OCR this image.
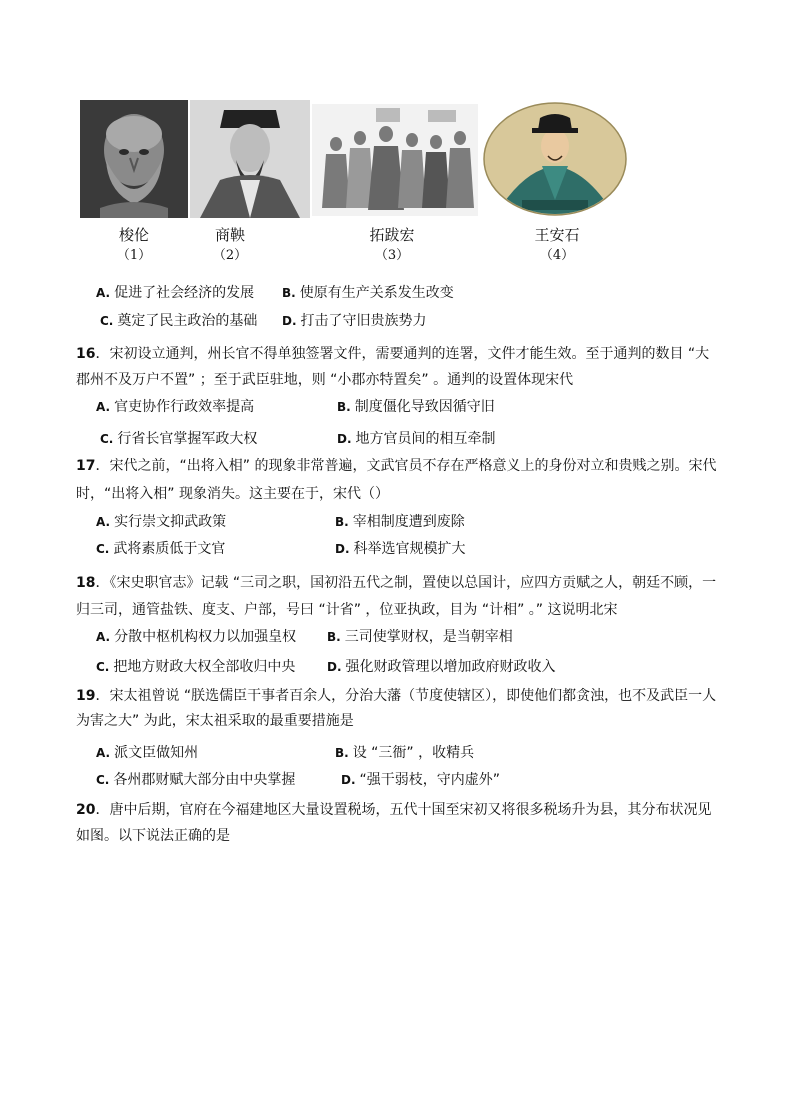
梭伦
（1）
商鞅
（2）
拓跋宏
（3）
王安石
（4）
A. 促进了社会经济的发展 B. 使原有生产关系发生改变
C. 奠定了民主政治的基础 D. 打击了守旧贵族势力
16．宋初设立通判，州长官不得单独签署文件，需要通判的连署，文件才能生效。至于通判的数目 “大
郡州不及万户不置” ；至于武臣驻地，则 “小郡亦特置矣” 。通判的设置体现宋代
A. 官吏协作行政效率提高	B. 制度僵化导致因循守旧
C. 行省长官掌握军政大权	D. 地方官员间的相互牵制
17．宋代之前，“出将入相” 的现象非常普遍，文武官员不存在严格意义上的身份对立和贵贱之别。宋代
时，“出将入相” 现象消失。这主要在于，宋代（）
A. 实行崇文抑武政策	B. 宰相制度遭到废除
C. 武将素质低于文官	D. 科举选官规模扩大
18．《宋史职官志》记载 “三司之职，国初沿五代之制，置使以总国计，应四方贡赋之人，朝廷不顾，一
归三司，通管盐铁、度支、户部，号曰 “计省” ，位亚执政，目为 “计相” 。” 这说明北宋
A. 分散中枢机构权力以加强皇权	B. 三司使掌财权，是当朝宰相
C. 把地方财政大权全部收归中央	D. 强化财政管理以增加政府财政收入
19．宋太祖曾说 “朕选儒臣干事者百余人，分治大藩（节度使辖区），即使他们都贪浊，也不及武臣一人
为害之大” 为此，宋太祖采取的最重要措施是
A. 派文臣做知州	B. 设 “三衙” ，收精兵
C. 各州郡财赋大部分由中央掌握	D. “强干弱枝，守内虚外”
20．唐中后期，官府在今福建地区大量设置税场，五代十国至宋初又将很多税场升为县，其分布状况见
如图。以下说法正确的是
